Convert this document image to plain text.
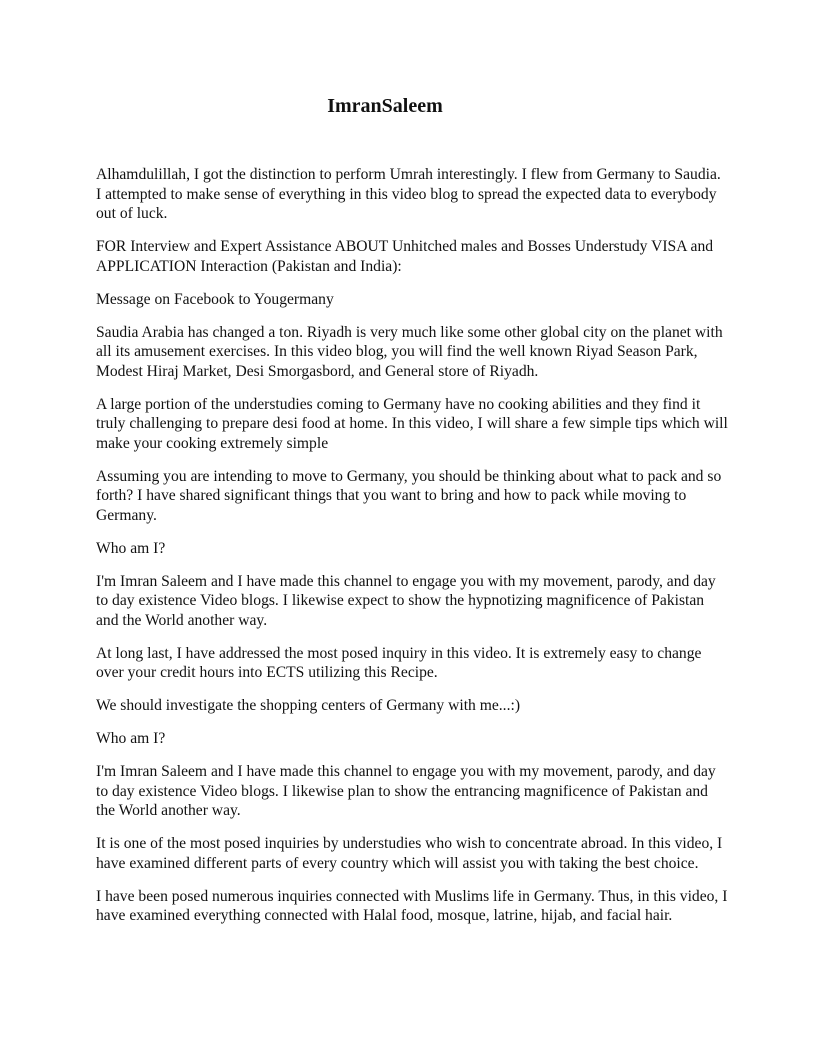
ImranSaleem

Alhamdulillah, I got the distinction to perform Umrah interestingly. I flew from Germany to Saudia. I attempted to make sense of everything in this video blog to spread the expected data to everybody out of luck.

FOR Interview and Expert Assistance ABOUT Unhitched males and Bosses Understudy VISA and APPLICATION Interaction (Pakistan and India):

Message on Facebook to Yougermany

Saudia Arabia has changed a ton. Riyadh is very much like some other global city on the planet with all its amusement exercises. In this video blog, you will find the well known Riyad Season Park, Modest Hiraj Market, Desi Smorgasbord, and General store of Riyadh.

A large portion of the understudies coming to Germany have no cooking abilities and they find it truly challenging to prepare desi food at home. In this video, I will share a few simple tips which will make your cooking extremely simple

Assuming you are intending to move to Germany, you should be thinking about what to pack and so forth? I have shared significant things that you want to bring and how to pack while moving to Germany.

Who am I?

I'm Imran Saleem and I have made this channel to engage you with my movement, parody, and day to day existence Video blogs. I likewise expect to show the hypnotizing magnificence of Pakistan and the World another way.

At long last, I have addressed the most posed inquiry in this video. It is extremely easy to change over your credit hours into ECTS utilizing this Recipe.

We should investigate the shopping centers of Germany with me...:)

Who am I?

I'm Imran Saleem and I have made this channel to engage you with my movement, parody, and day to day existence Video blogs. I likewise plan to show the entrancing magnificence of Pakistan and the World another way.

It is one of the most posed inquiries by understudies who wish to concentrate abroad. In this video, I have examined different parts of every country which will assist you with taking the best choice.

I have been posed numerous inquiries connected with Muslims life in Germany. Thus, in this video, I have examined everything connected with Halal food, mosque, latrine, hijab, and facial hair.
